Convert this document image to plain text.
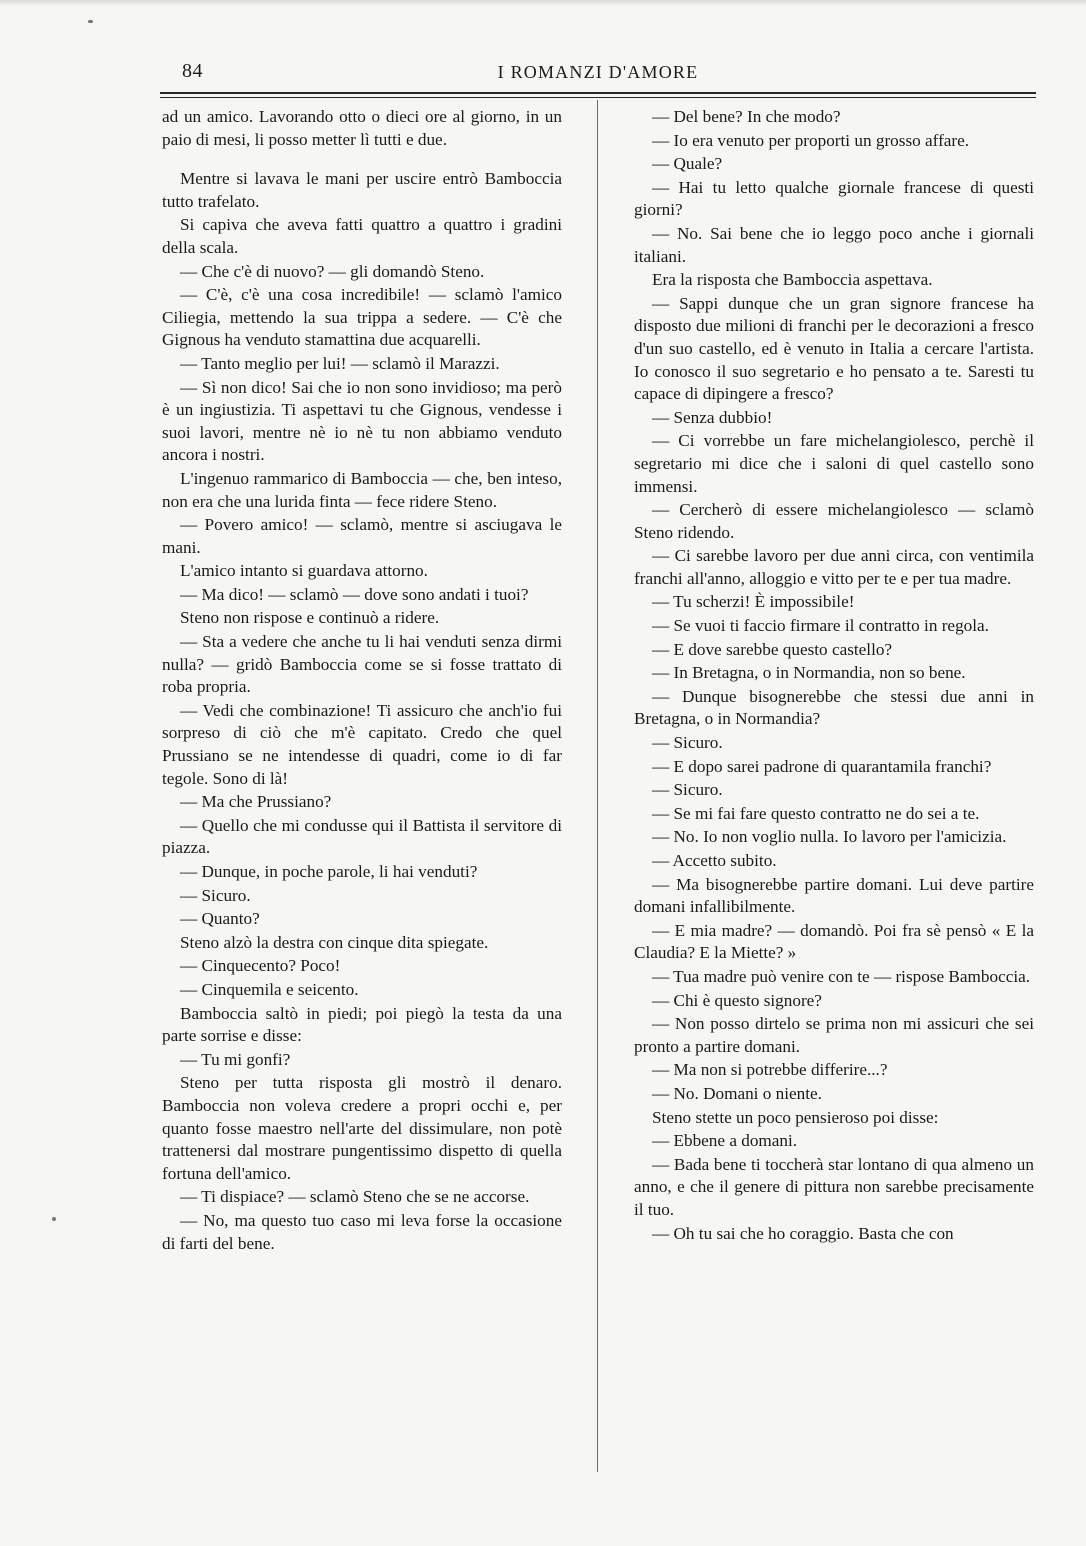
84	I ROMANZI D'AMORE

ad un amico. Lavorando otto o dieci ore al giorno, in un paio di mesi, li posso metter lì tutti e due.

Mentre si lavava le mani per uscire entrò Bamboccia tutto trafelato.

Si capiva che aveva fatti quattro a quattro i gradini della scala.

— Che c'è di nuovo? — gli domandò Steno.

— C'è, c'è una cosa incredibile! — sclamò l'amico Ciliegia, mettendo la sua trippa a sedere. — C'è che Gignous ha venduto stamattina due acquarelli.

— Tanto meglio per lui! — sclamò il Marazzi.

— Sì non dico! Sai che io non sono invidioso; ma però è un ingiustizia. Ti aspettavi tu che Gignous, vendesse i suoi lavori, mentre nè io nè tu non abbiamo venduto ancora i nostri.

L'ingenuo rammarico di Bamboccia — che, ben inteso, non era che una lurida finta — fece ridere Steno.

— Povero amico! — sclamò, mentre si asciugava le mani.

L'amico intanto si guardava attorno.

— Ma dico! — sclamò — dove sono andati i tuoi?

Steno non rispose e continuò a ridere.

— Sta a vedere che anche tu li hai venduti senza dirmi nulla? — gridò Bamboccia come se si fosse trattato di roba propria.

— Vedi che combinazione! Ti assicuro che anch'io fui sorpreso di ciò che m'è capitato. Credo che quel Prussiano se ne intendesse di quadri, come io di far tegole. Sono di là!

— Ma che Prussiano?

— Quello che mi condusse qui il Battista il servitore di piazza.

— Dunque, in poche parole, li hai venduti?

— Sicuro.

— Quanto?

Steno alzò la destra con cinque dita spiegate.

— Cinquecento? Poco!

— Cinquemila e seicento.

Bamboccia saltò in piedi; poi piegò la testa da una parte sorrise e disse:

— Tu mi gonfi?

Steno per tutta risposta gli mostrò il denaro. Bamboccia non voleva credere a propri occhi e, per quanto fosse maestro nell'arte del dissimulare, non potè trattenersi dal mostrare pungentissimo dispetto di quella fortuna dell'amico.

— Ti dispiace? — sclamò Steno che se ne accorse.

— No, ma questo tuo caso mi leva forse la occasione di farti del bene.

— Del bene? In che modo?

— Io era venuto per proporti un grosso affare.

— Quale?

— Hai tu letto qualche giornale francese di questi giorni?

— No. Sai bene che io leggo poco anche i giornali italiani.

Era la risposta che Bamboccia aspettava.

— Sappi dunque che un gran signore francese ha disposto due milioni di franchi per le decorazioni a fresco d'un suo castello, ed è venuto in Italia a cercare l'artista. Io conosco il suo segretario e ho pensato a te. Saresti tu capace di dipingere a fresco?

— Senza dubbio!

— Ci vorrebbe un fare michelangiolesco, perchè il segretario mi dice che i saloni di quel castello sono immensi.

— Cercherò di essere michelangiolesco — sclamò Steno ridendo.

— Ci sarebbe lavoro per due anni circa, con ventimila franchi all'anno, alloggio e vitto per te e per tua madre.

— Tu scherzi! È impossibile!

— Se vuoi ti faccio firmare il contratto in regola.

— E dove sarebbe questo castello?

— In Bretagna, o in Normandia, non so bene.

— Dunque bisognerebbe che stessi due anni in Bretagna, o in Normandia?

— Sicuro.

— E dopo sarei padrone di quarantamila franchi?

— Sicuro.

— Se mi fai fare questo contratto ne do sei a te.

— No. Io non voglio nulla. Io lavoro per l'amicizia.

— Accetto subito.

— Ma bisognerebbe partire domani. Lui deve partire domani infallibilmente.

— E mia madre? — domandò. Poi fra sè pensò « E la Claudia? E la Miette? »

— Tua madre può venire con te — rispose Bamboccia.

— Chi è questo signore?

— Non posso dirtelo se prima non mi assicuri che sei pronto a partire domani.

— Ma non si potrebbe differire...?

— No. Domani o niente.

Steno stette un poco pensieroso poi disse:

— Ebbene a domani.

— Bada bene ti toccherà star lontano di qua almeno un anno, e che il genere di pittura non sarebbe precisamente il tuo.

— Oh tu sai che ho coraggio. Basta che con
